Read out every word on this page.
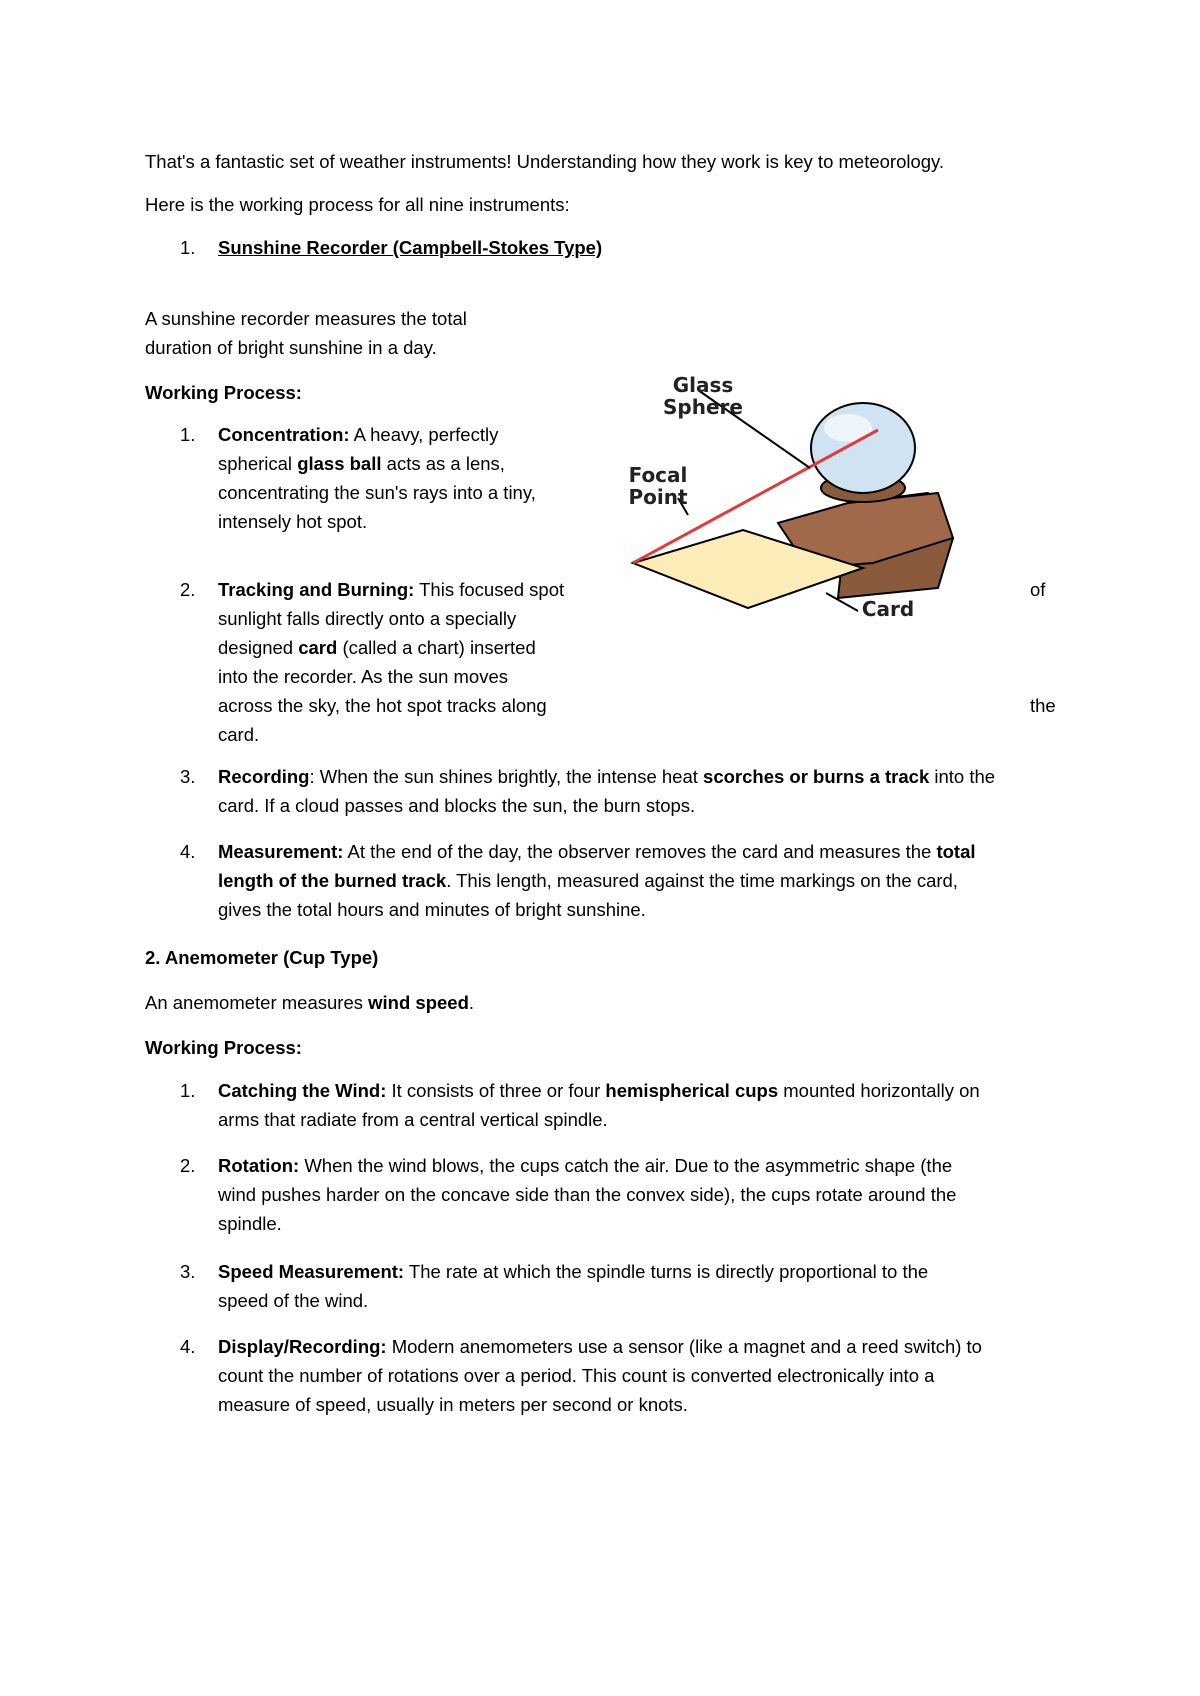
That's a fantastic set of weather instruments! Understanding how they work is key to meteorology.

Here is the working process for all nine instruments:

1. Sunshine Recorder (Campbell-Stokes Type)

A sunshine recorder measures the total

duration of bright sunshine in a day.

Working Process:

1. Concentration: A heavy, perfectly
spherical glass ball acts as a lens,
concentrating the sun's rays into a tiny,
intensely hot spot.

2. Tracking and Burning: This focused spot
sunlight falls directly onto a specially
designed card (called a chart) inserted
into the recorder. As the sun moves
across the sky, the hot spot tracks along
card.
of
the

3. Recording: When the sun shines brightly, the intense heat scorches or burns a track into the
card. If a cloud passes and blocks the sun, the burn stops.

4. Measurement: At the end of the day, the observer removes the card and measures the total
length of the burned track. This length, measured against the time markings on the card,
gives the total hours and minutes of bright sunshine.

2. Anemometer (Cup Type)

An anemometer measures wind speed.

Working Process:

1. Catching the Wind: It consists of three or four hemispherical cups mounted horizontally on
arms that radiate from a central vertical spindle.

2. Rotation: When the wind blows, the cups catch the air. Due to the asymmetric shape (the
wind pushes harder on the concave side than the convex side), the cups rotate around the
spindle.

3. Speed Measurement: The rate at which the spindle turns is directly proportional to the
speed of the wind.

4. Display/Recording: Modern anemometers use a sensor (like a magnet and a reed switch) to
count the number of rotations over a period. This count is converted electronically into a
measure of speed, usually in meters per second or knots.
Glass
Sphere
Focal
Point
Card
